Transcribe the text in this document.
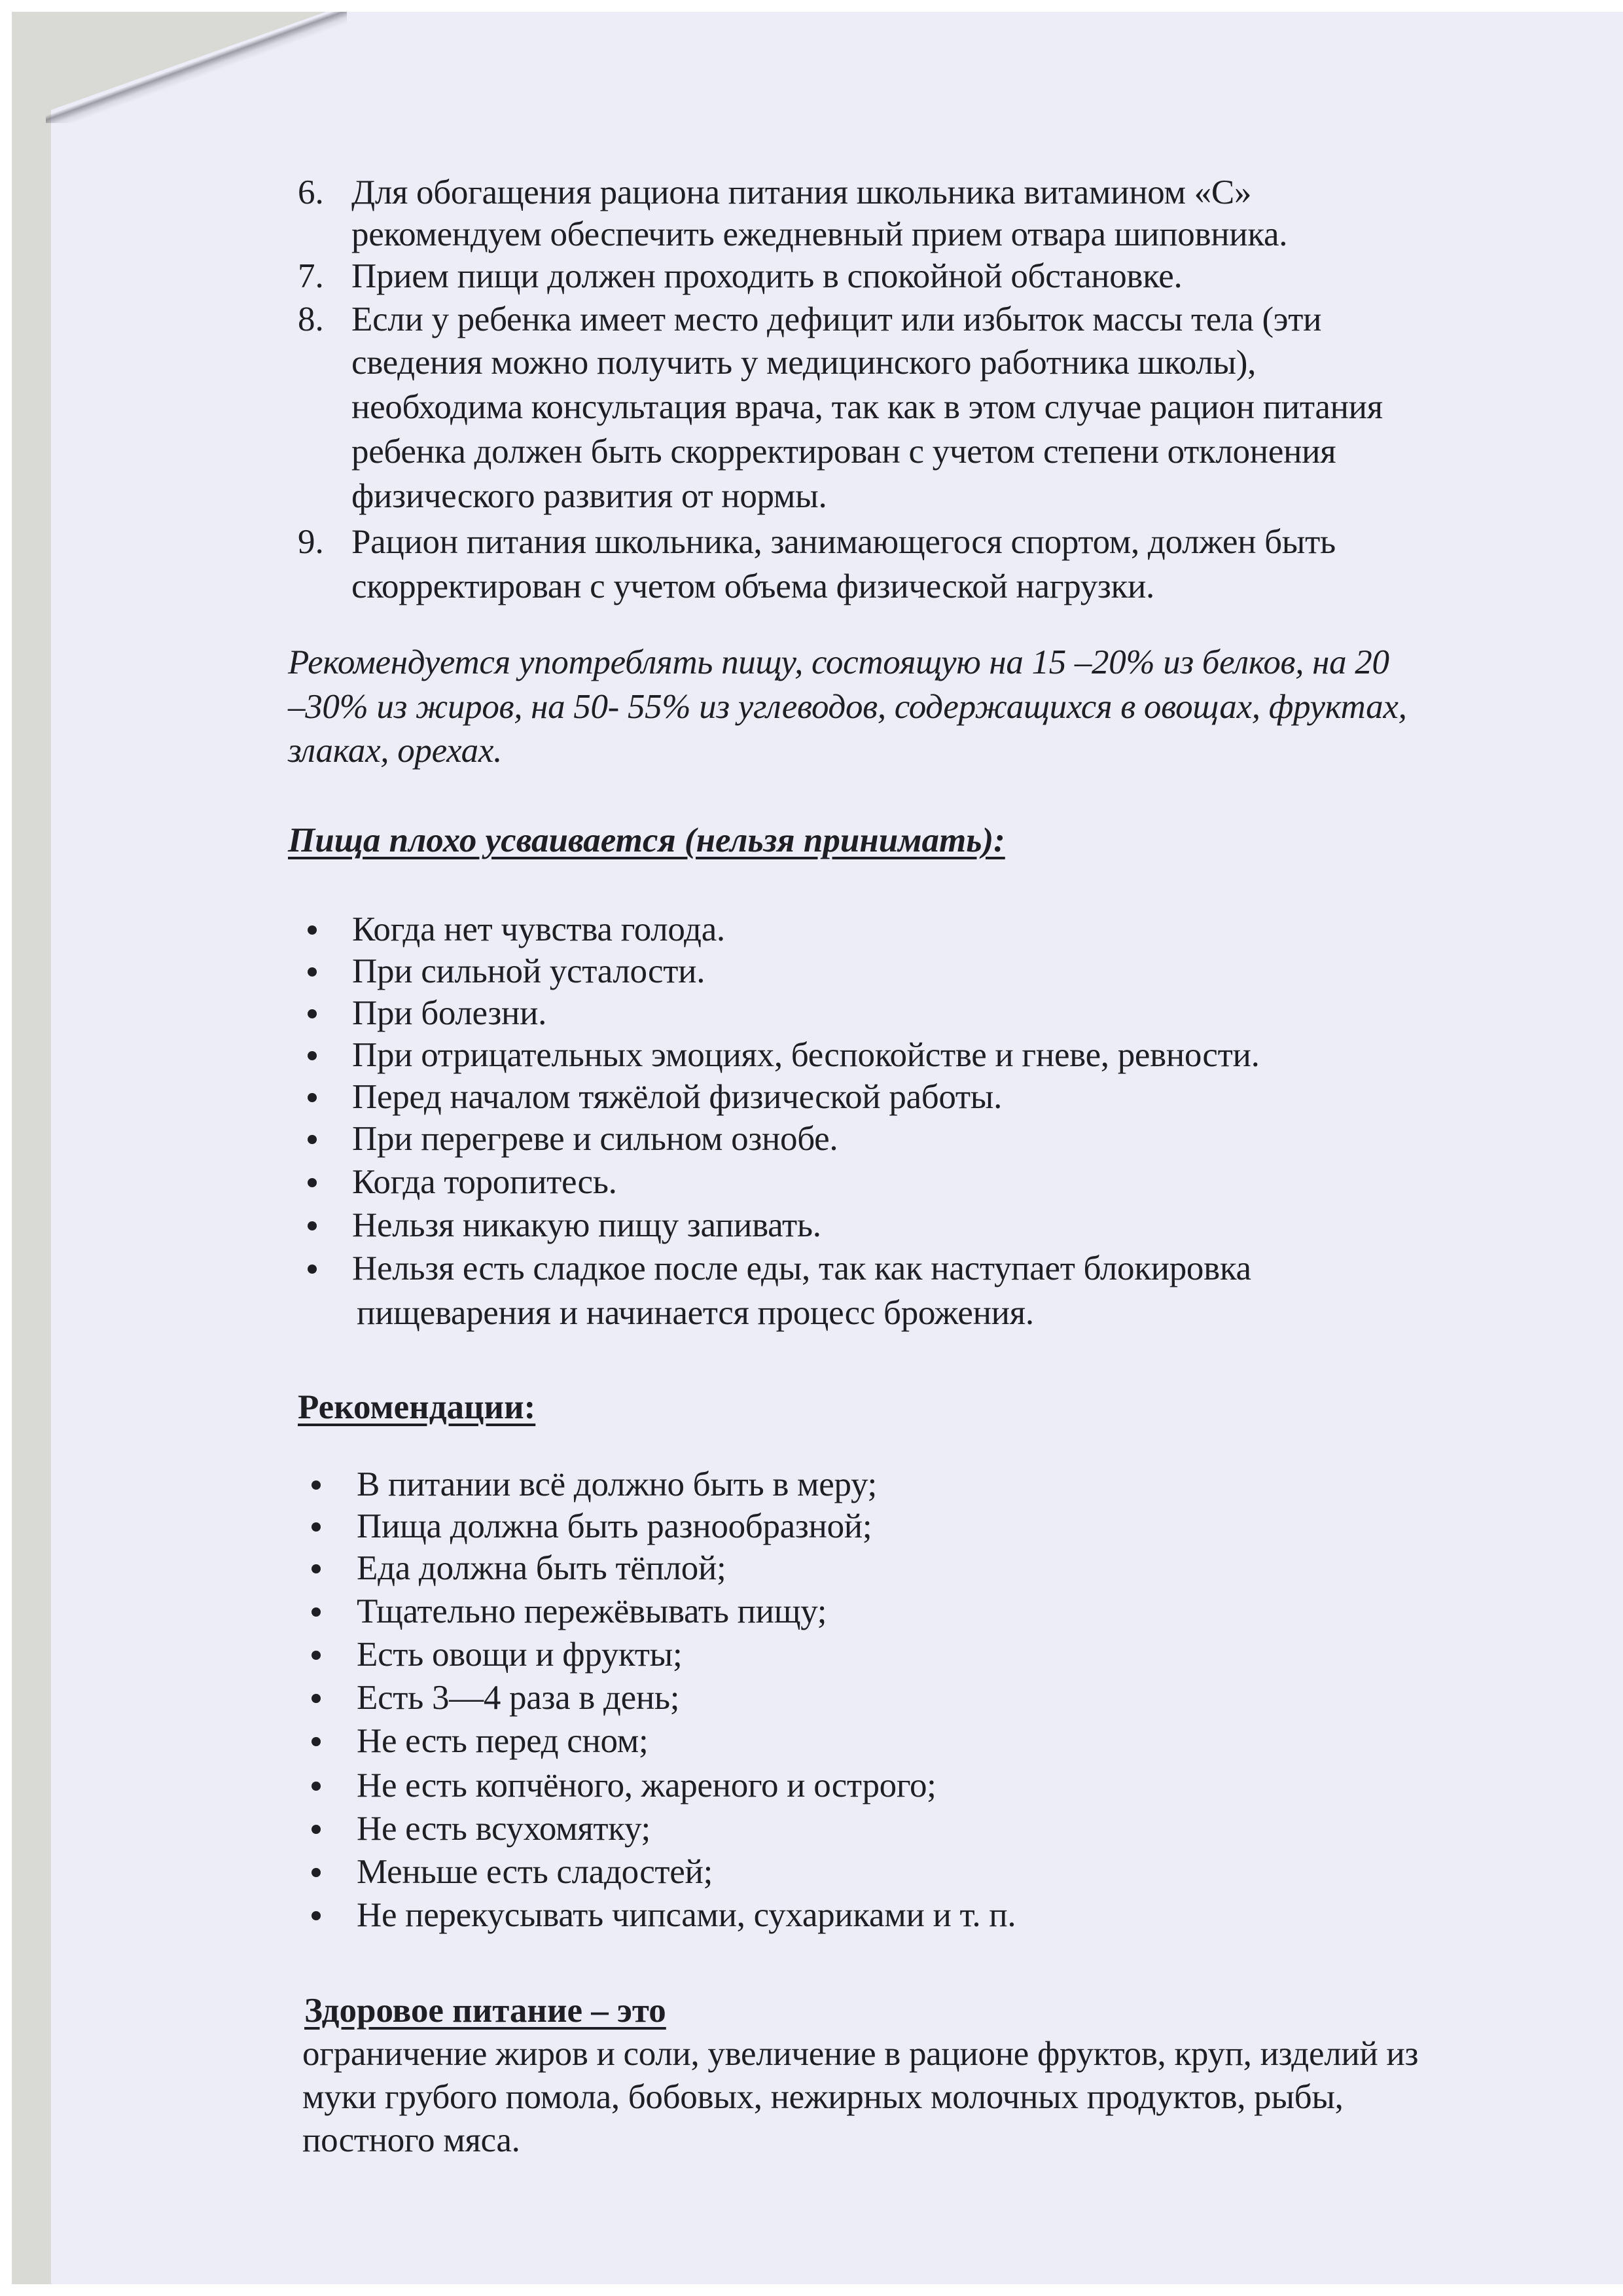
6. Для обогащения рациона питания школьника витамином «С»
рекомендуем обеспечить ежедневный прием отвара шиповника.
7. Прием пищи должен проходить в спокойной обстановке.
8. Если у ребенка имеет место дефицит или избыток массы тела (эти
сведения можно получить у медицинского работника школы),
необходима консультация врача, так как в этом случае рацион питания
ребенка должен быть скорректирован с учетом степени отклонения
физического развития от нормы.
9. Рацион питания школьника, занимающегося спортом, должен быть
скорректирован с учетом объема физической нагрузки.
Рекомендуется употреблять пищу, состоящую на 15 –20% из белков, на 20
–30% из жиров, на 50- 55% из углеводов, содержащихся в овощах, фруктах,
злаках, орехах.
Пища плохо усваивается (нельзя принимать):
Когда нет чувства голода.
При сильной усталости.
При болезни.
При отрицательных эмоциях, беспокойстве и гневе, ревности.
Перед началом тяжёлой физической работы.
При перегреве и сильном ознобе.
Когда торопитесь.
Нельзя никакую пищу запивать.
Нельзя есть сладкое после еды, так как наступает блокировка
пищеварения и начинается процесс брожения.
Рекомендации:
В питании всё должно быть в меру;
Пища должна быть разнообразной;
Еда должна быть тёплой;
Тщательно пережёвывать пищу;
Есть овощи и фрукты;
Есть 3—4 раза в день;
Не есть перед сном;
Не есть копчёного, жареного и острого;
Не есть всухомятку;
Меньше есть сладостей;
Не перекусывать чипсами, сухариками и т. п.
Здоровое питание – это
ограничение жиров и соли, увеличение в рационе фруктов, круп, изделий из
муки грубого помола, бобовых, нежирных молочных продуктов, рыбы,
постного мяса.
